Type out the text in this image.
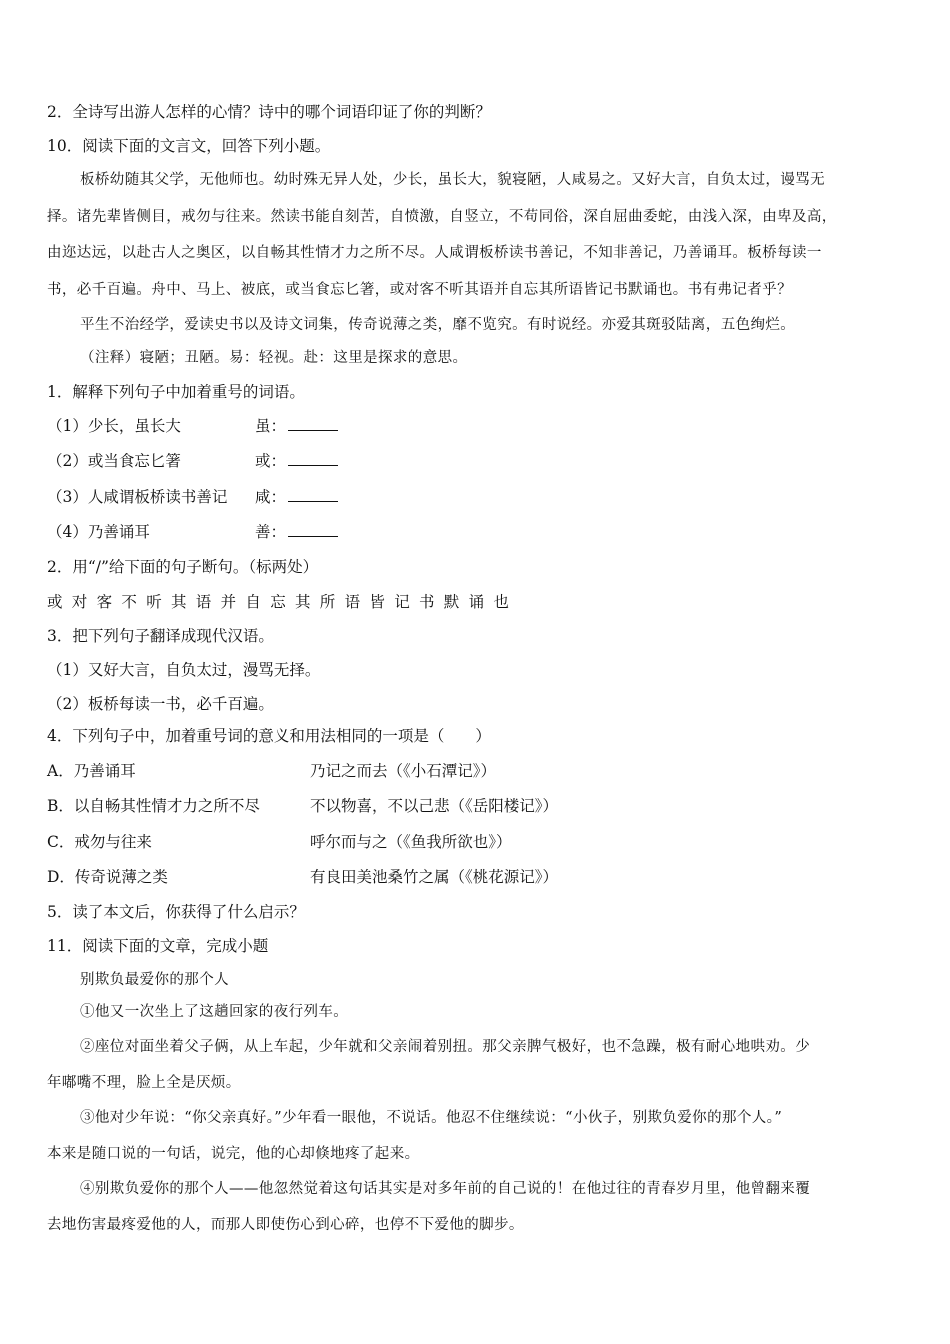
2．全诗写出游人怎样的心情？诗中的哪个词语印证了你的判断？

10．阅读下面的文言文，回答下列小题。

板桥幼随其父学，无他师也。幼时殊无异人处，少长，虽长大，貌寝陋，人咸易之。又好大言，自负太过，谩骂无

择。诸先辈皆侧目，戒勿与往来。然读书能自刻苦，自愤激，自竖立，不苟同俗，深自屈曲委蛇，由浅入深，由卑及高，

由迩达远，以赴古人之奥区，以自畅其性情才力之所不尽。人咸谓板桥读书善记，不知非善记，乃善诵耳。板桥每读一

书，必千百遍。舟中、马上、被底，或当食忘匕箸，或对客不听其语并自忘其所语皆记书默诵也。书有弗记者乎？

平生不治经学，爱读史书以及诗文词集，传奇说薄之类，靡不览究。有时说经。亦爱其斑驳陆离，五色绚烂。

（注释）寝陋；丑陋。易：轻视。赴：这里是探求的意思。

1．解释下列句子中加着重号的词语。

（1）少长，虽长大	虽：
（2）或当食忘匕箸	或：
（3）人咸谓板桥读书善记 咸：
（4）乃善诵耳	善：

2．用“/”给下面的句子断句。（标两处）

或对客不听其语并自忘其所语皆记书默诵也

3．把下列句子翻译成现代汉语。

（1）又好大言，自负太过，漫骂无择。

（2）板桥每读一书，必千百遍。

4．下列句子中，加着重号词的意义和用法相同的一项是（　　）

A．乃善诵耳	乃记之而去（《小石潭记》）
B．以自畅其性情才力之所不尽	不以物喜，不以己悲（《岳阳楼记》）
C．戒勿与往来	呼尔而与之（《鱼我所欲也》）
D．传奇说薄之类	有良田美池桑竹之属（《桃花源记》）

5．读了本文后，你获得了什么启示？

11．阅读下面的文章，完成小题

别欺负最爱你的那个人

①他又一次坐上了这趟回家的夜行列车。

②座位对面坐着父子俩，从上车起，少年就和父亲闹着别扭。那父亲脾气极好，也不急躁，极有耐心地哄劝。少

年嘟嘴不理，脸上全是厌烦。

③他对少年说：“你父亲真好。”少年看一眼他，不说话。他忍不住继续说：“小伙子，别欺负爱你的那个人。”

本来是随口说的一句话，说完，他的心却倏地疼了起来。

④别欺负爱你的那个人——他忽然觉着这句话其实是对多年前的自己说的！在他过往的青春岁月里，他曾翻来覆

去地伤害最疼爱他的人，而那人即使伤心到心碎，也停不下爱他的脚步。
